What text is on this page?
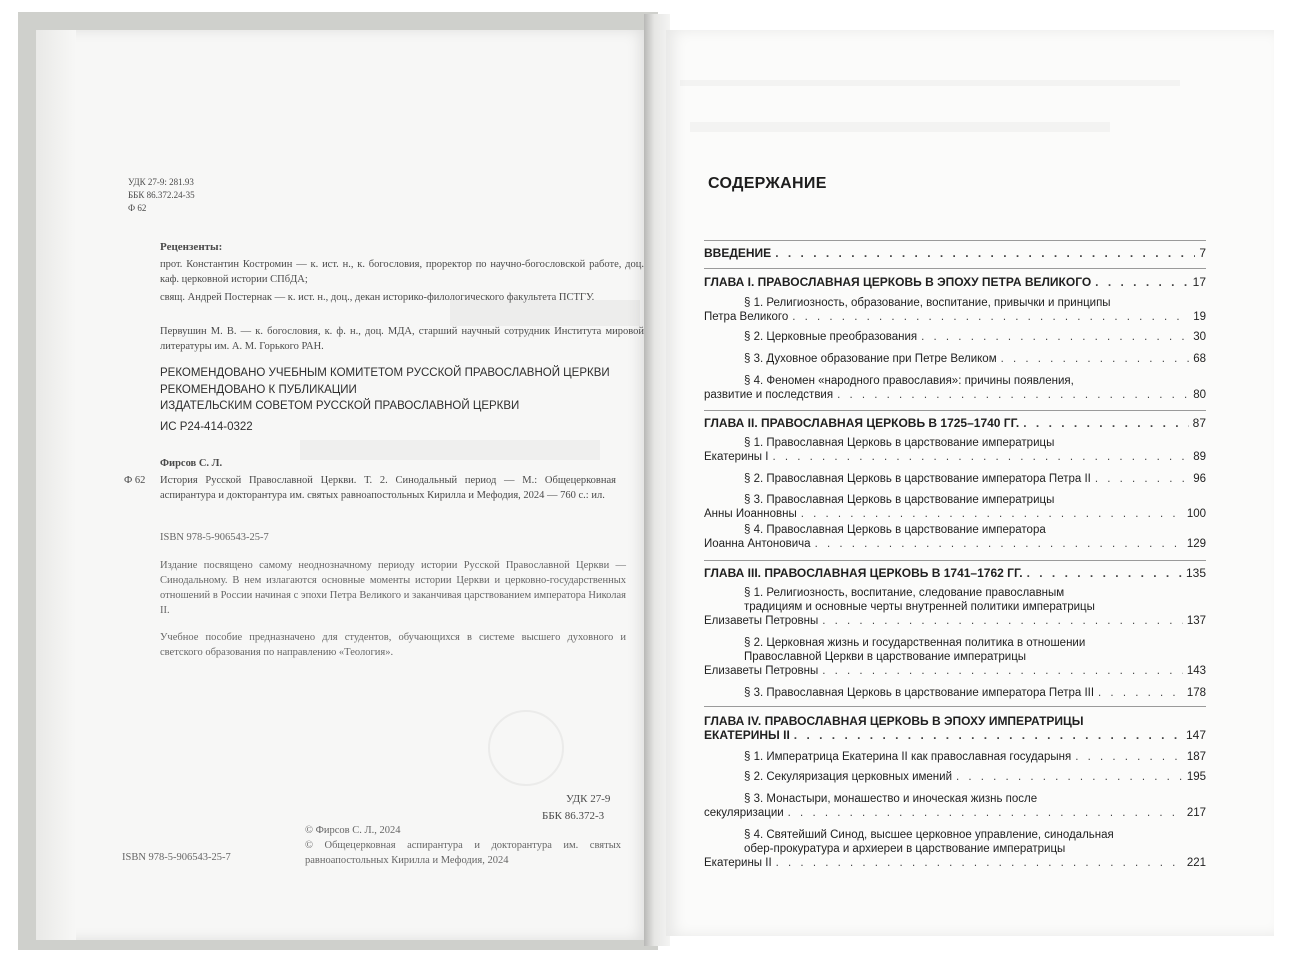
УДК 27-9: 281.93
ББК 86.372.24-35
Ф 62
Рецензенты:
прот. Константин Костромин — к. ист. н., к. богословия, проректор по научно-богословской работе, доц. каф. церковной истории СПбДА;
свящ. Андрей Постернак — к. ист. н., доц., декан историко-филологического факультета ПСТГУ.
Первушин М. В. — к. богословия, к. ф. н., доц. МДА, старший научный сотрудник Института мировой литературы им. А. М. Горького РАН.
РЕКОМЕНДОВАНО УЧЕБНЫМ КОМИТЕТОМ РУССКОЙ ПРАВОСЛАВНОЙ ЦЕРКВИ
РЕКОМЕНДОВАНО К ПУБЛИКАЦИИ
ИЗДАТЕЛЬСКИМ СОВЕТОМ РУССКОЙ ПРАВОСЛАВНОЙ ЦЕРКВИ
ИС Р24-414-0322
Фирсов С. Л.
Ф 62 История Русской Православной Церкви. Т. 2. Синодальный период — М.: Общецерковная аспирантура и докторантура им. святых равноапостольных Кирилла и Мефодия, 2024 — 760 с.: ил.
ISBN 978-5-906543-25-7
Издание посвящено самому неоднозначному периоду истории Русской Православной Церкви — Синодальному. В нем излагаются основные моменты истории Церкви и церковно-государственных отношений в России начиная с эпохи Петра Великого и заканчивая царствованием императора Николая II.
Учебное пособие предназначено для студентов, обучающихся в системе высшего духовного и светского образования по направлению «Теология».
УДК 27-9
ББК 86.372-3
ISBN 978-5-906543-25-7
© Фирсов С. Л., 2024
© Общецерковная аспирантура и докторантура им. святых равноапостольных Кирилла и Мефодия, 2024
СОДЕРЖАНИЕ
ВВЕДЕНИЕ . . .	7
ГЛАВА I. ПРАВОСЛАВНАЯ ЦЕРКОВЬ В ЭПОХУ ПЕТРА ВЕЛИКОГО . . .	17
§ 1. Религиозность, образование, воспитание, привычки и принципы
Петра Великого . . .	19
§ 2. Церковные преобразования . . .	30
§ 3. Духовное образование при Петре Великом . . .	68
§ 4. Феномен «народного православия»: причины появления,
развитие и последствия . . .	80
ГЛАВА II. ПРАВОСЛАВНАЯ ЦЕРКОВЬ В 1725–1740 ГГ. . . .	87
§ 1. Православная Церковь в царствование императрицы
Екатерины I . . .	89
§ 2. Православная Церковь в царствование императора Петра II . . .	96
§ 3. Православная Церковь в царствование императрицы
Анны Иоанновны . . .	100
§ 4. Православная Церковь в царствование императора
Иоанна Антоновича . . .	129
ГЛАВА III. ПРАВОСЛАВНАЯ ЦЕРКОВЬ В 1741–1762 ГГ. . . .	135
§ 1. Религиозность, воспитание, следование православным
традициям и основные черты внутренней политики императрицы
Елизаветы Петровны . . .	137
§ 2. Церковная жизнь и государственная политика в отношении
Православной Церкви в царствование императрицы
Елизаветы Петровны . . .	143
§ 3. Православная Церковь в царствование императора Петра III . . .	178
ГЛАВА IV. ПРАВОСЛАВНАЯ ЦЕРКОВЬ В ЭПОХУ ИМПЕРАТРИЦЫ
ЕКАТЕРИНЫ II . . .	147
§ 1. Императрица Екатерина II как православная государыня . . .	187
§ 2. Секуляризация церковных имений . . .	195
§ 3. Монастыри, монашество и иноческая жизнь после
секуляризации . . .	217
§ 4. Святейший Синод, высшее церковное управление, синодальная
обер-прокуратура и архиереи в царствование императрицы
Екатерины II . . .	221
